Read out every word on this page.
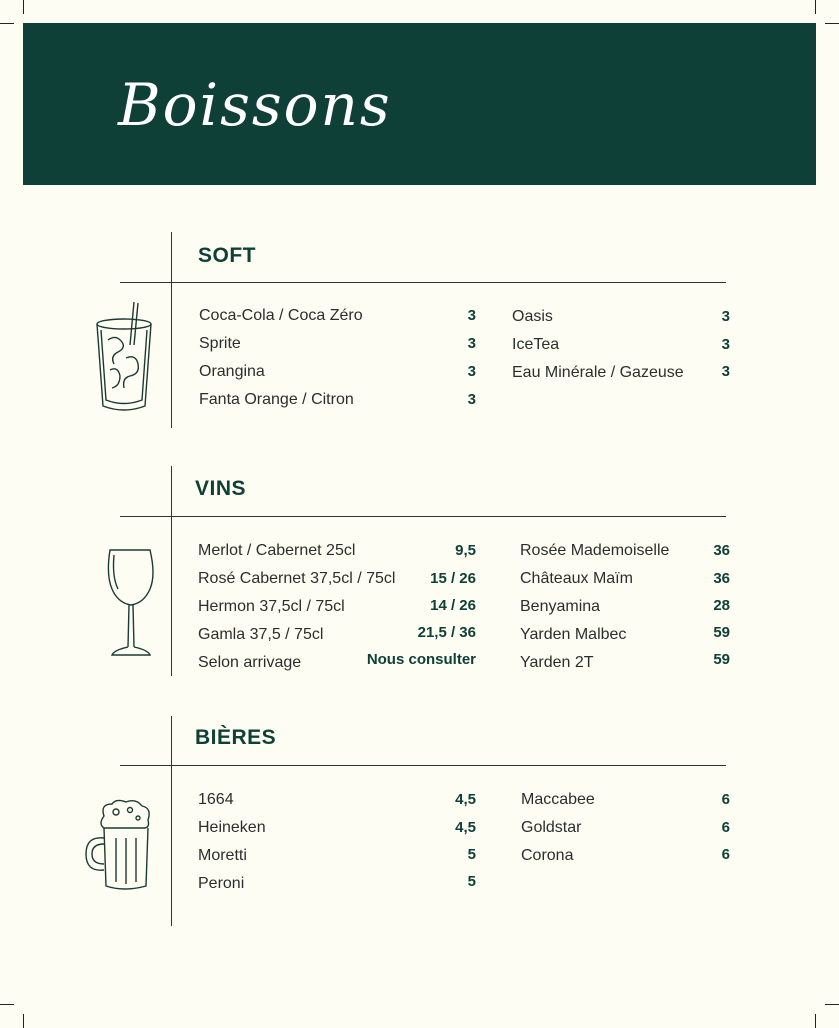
Boissons
SOFT
Coca-Cola / Coca Zéro
Sprite
Orangina
Fanta Orange / Citron
3
3
3
3
Oasis
IceTea
Eau Minérale / Gazeuse
3
3
3
VINS
Merlot / Cabernet 25cl
Rosé Cabernet 37,5cl / 75cl
Hermon 37,5cl / 75cl
Gamla 37,5 / 75cl
Selon arrivage
9,5
15 / 26
14 / 26
21,5 / 36
Nous consulter
Rosée Mademoiselle
Châteaux Maïm
Benyamina
Yarden Malbec
Yarden 2T
36
36
28
59
59
BIÈRES
1664
Heineken
Moretti
Peroni
4,5
4,5
5
5
Maccabee
Goldstar
Corona
6
6
6
